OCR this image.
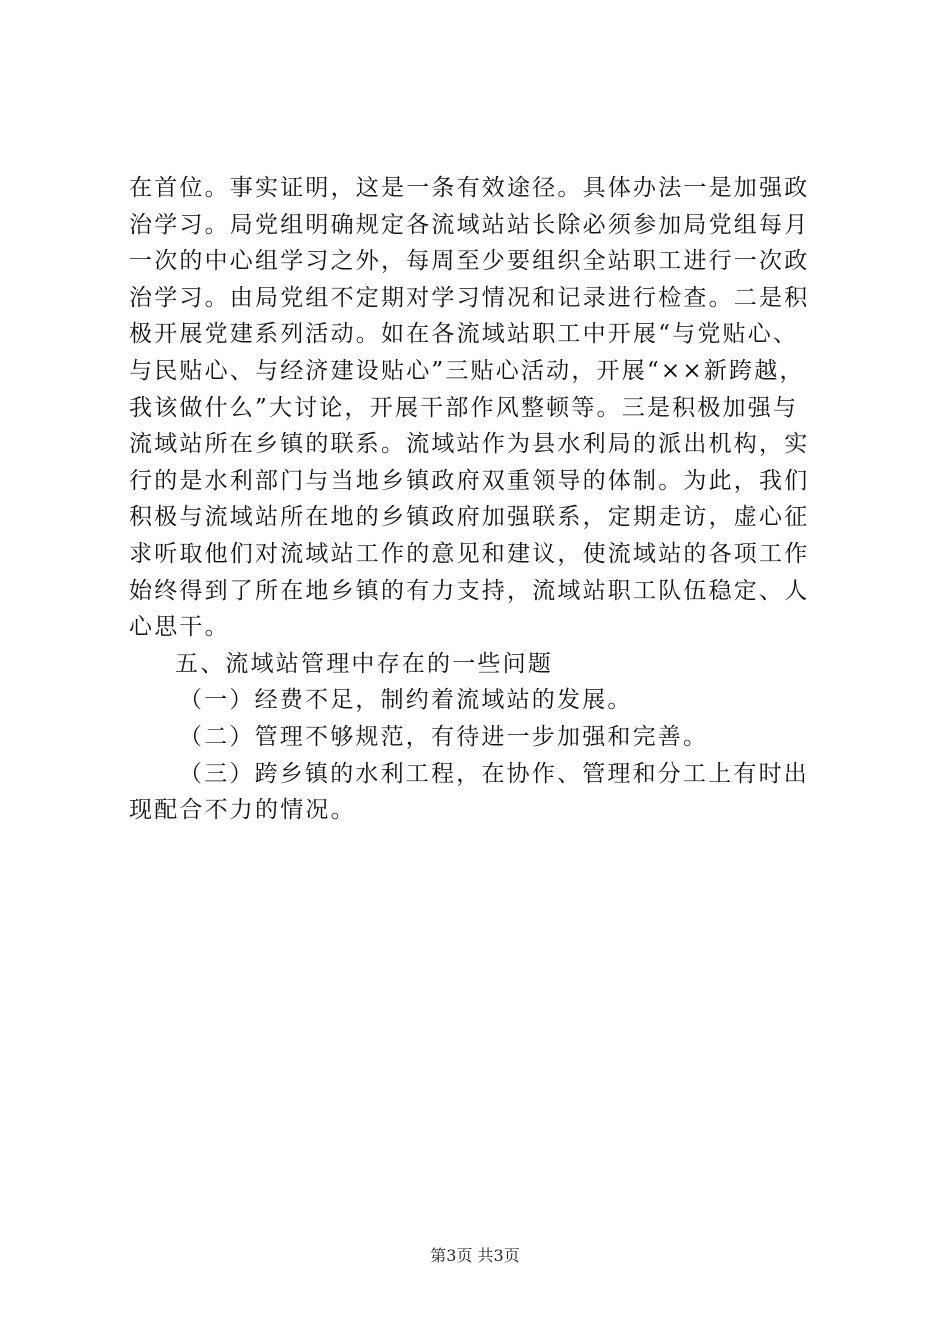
在首位。事实证明，这是一条有效途径。具体办法一是加强政
治学习。局党组明确规定各流域站站长除必须参加局党组每月
一次的中心组学习之外，每周至少要组织全站职工进行一次政
治学习。由局党组不定期对学习情况和记录进行检查。二是积
极开展党建系列活动。如在各流域站职工中开展“与党贴心、
与民贴心、与经济建设贴心”三贴心活动，开展“××新跨越，
我该做什么”大讨论，开展干部作风整顿等。三是积极加强与
流域站所在乡镇的联系。流域站作为县水利局的派出机构，实
行的是水利部门与当地乡镇政府双重领导的体制。为此，我们
积极与流域站所在地的乡镇政府加强联系，定期走访，虚心征
求听取他们对流域站工作的意见和建议，使流域站的各项工作
始终得到了所在地乡镇的有力支持，流域站职工队伍稳定、人
心思干。
五、流域站管理中存在的一些问题
（一）经费不足，制约着流域站的发展。
（二）管理不够规范，有待进一步加强和完善。
（三）跨乡镇的水利工程，在协作、管理和分工上有时出
现配合不力的情况。
第3页 共3页
